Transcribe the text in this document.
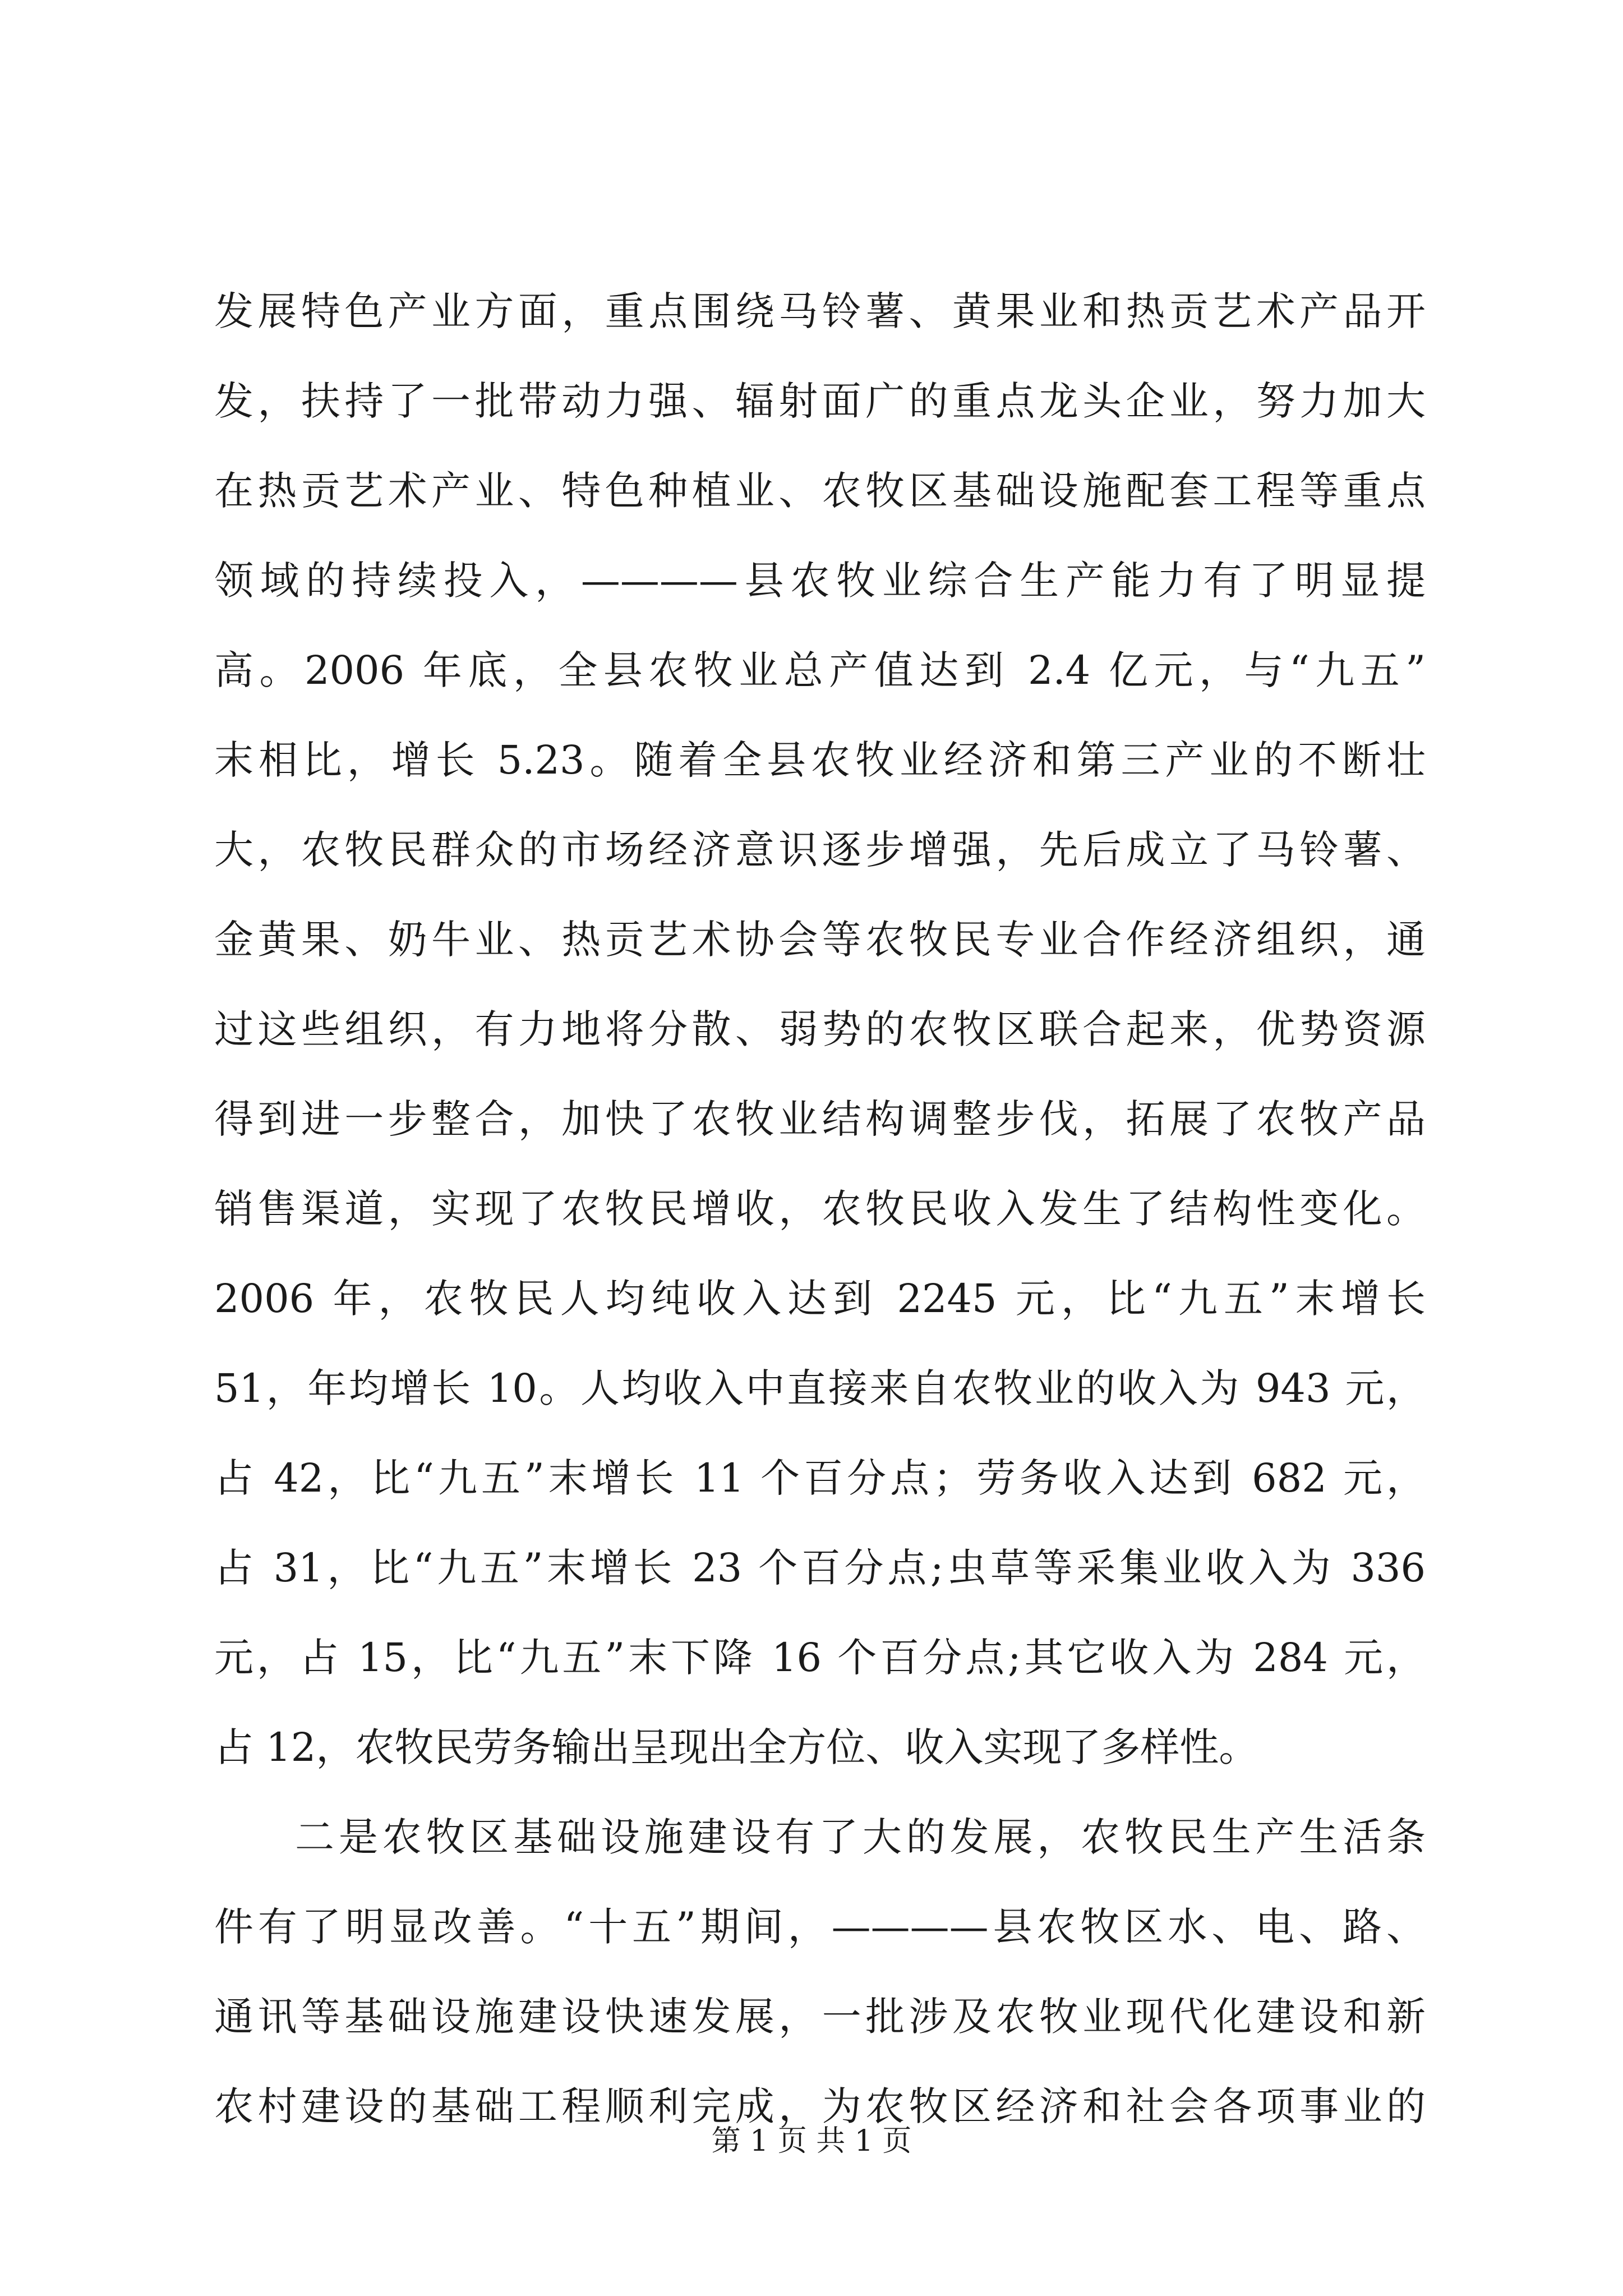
发展特色产业方面，重点围绕马铃薯、黄果业和热贡艺术产品开
发，扶持了一批带动力强、辐射面广的重点龙头企业，努力加大
在热贡艺术产业、特色种植业、农牧区基础设施配套工程等重点
领域的持续投入，————县农牧业综合生产能力有了明显提
高。2006 年底，全县农牧业总产值达到 2.4 亿元，与“九五”
末相比，增长 5.23。随着全县农牧业经济和第三产业的不断壮
大，农牧民群众的市场经济意识逐步增强，先后成立了马铃薯、
金黄果、奶牛业、热贡艺术协会等农牧民专业合作经济组织，通
过这些组织，有力地将分散、弱势的农牧区联合起来，优势资源
得到进一步整合，加快了农牧业结构调整步伐，拓展了农牧产品
销售渠道，实现了农牧民增收，农牧民收入发生了结构性变化。
2006 年，农牧民人均纯收入达到 2245 元，比“九五”末增长
51，年均增长 10。人均收入中直接来自农牧业的收入为 943 元，
占 42，比“九五”末增长 11 个百分点；劳务收入达到 682 元，
占 31，比“九五”末增长 23 个百分点;虫草等采集业收入为 336
元，占 15，比“九五”末下降 16 个百分点;其它收入为 284 元，
占 12，农牧民劳务输出呈现出全方位、收入实现了多样性。
二是农牧区基础设施建设有了大的发展，农牧民生产生活条
件有了明显改善。“十五”期间，————县农牧区水、电、路、
通讯等基础设施建设快速发展，一批涉及农牧业现代化建设和新
农村建设的基础工程顺利完成，为农牧区经济和社会各项事业的
第 1 页 共 1 页
